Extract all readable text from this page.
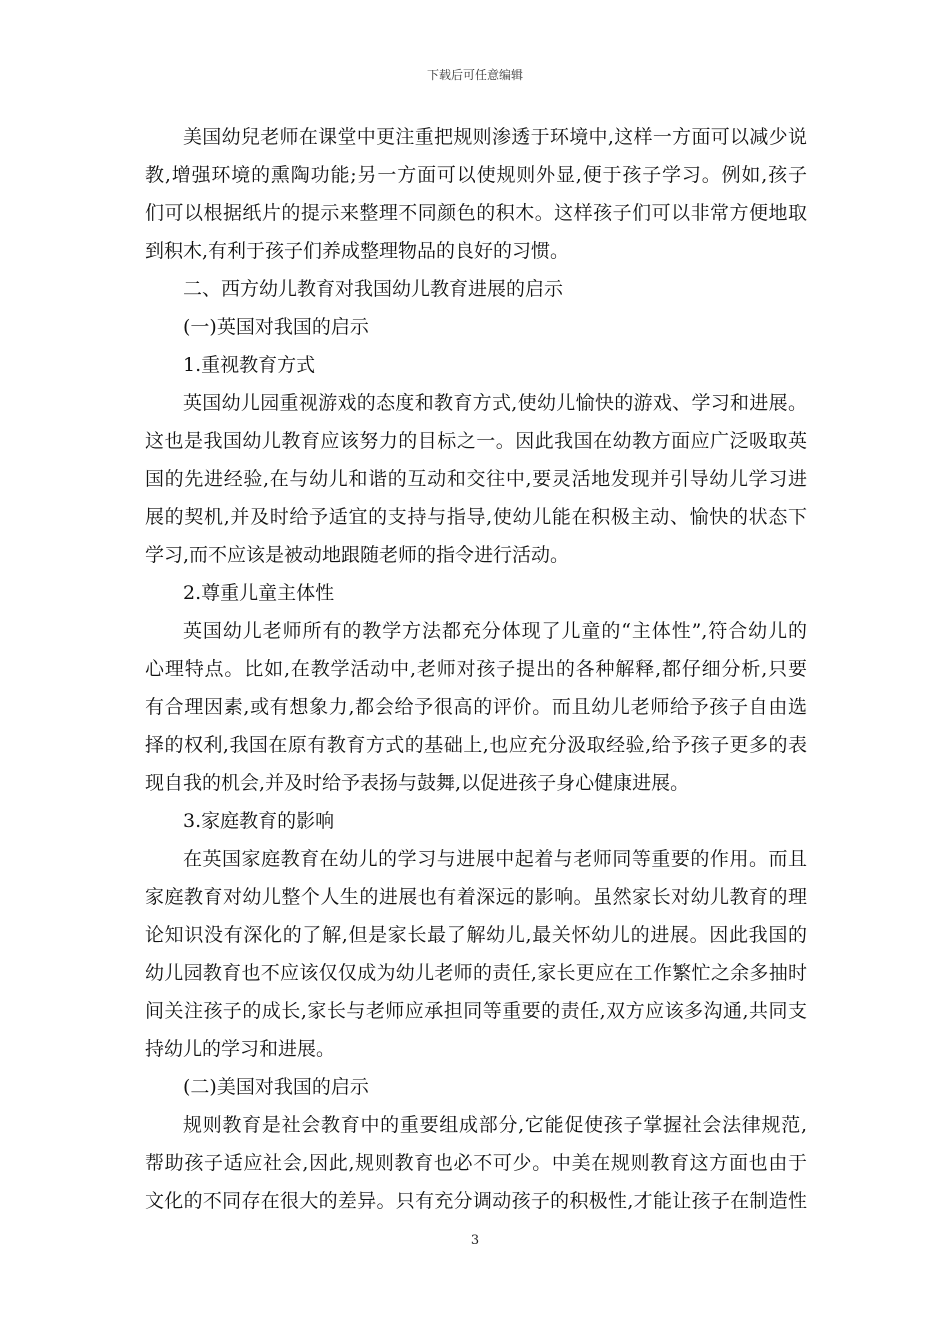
下载后可任意编辑
美国幼兒老师在课堂中更注重把规则渗透于环境中,这样一方面可以减少说
教,增强环境的熏陶功能;另一方面可以使规则外显,便于孩子学习。例如,孩子
们可以根据纸片的提示来整理不同颜色的积木。这样孩子们可以非常方便地取
到积木,有利于孩子们养成整理物品的良好的习惯。
二、西方幼儿教育对我国幼儿教育进展的启示
(一)英国对我国的启示
1.重视教育方式
英国幼儿园重视游戏的态度和教育方式,使幼儿愉快的游戏、学习和进展。
这也是我国幼儿教育应该努力的目标之一。因此我国在幼教方面应广泛吸取英
国的先进经验,在与幼儿和谐的互动和交往中,要灵活地发现并引导幼儿学习进
展的契机,并及时给予适宜的支持与指导,使幼儿能在积极主动、愉快的状态下
学习,而不应该是被动地跟随老师的指令进行活动。
2.尊重儿童主体性
英国幼儿老师所有的教学方法都充分体现了儿童的“主体性”,符合幼儿的
心理特点。比如,在教学活动中,老师对孩子提出的各种解释,都仔细分析,只要
有合理因素,或有想象力,都会给予很高的评价。而且幼儿老师给予孩子自由选
择的权利,我国在原有教育方式的基础上,也应充分汲取经验,给予孩子更多的表
现自我的机会,并及时给予表扬与鼓舞,以促进孩子身心健康进展。
3.家庭教育的影响
在英国家庭教育在幼儿的学习与进展中起着与老师同等重要的作用。而且
家庭教育对幼儿整个人生的进展也有着深远的影响。虽然家长对幼儿教育的理
论知识没有深化的了解,但是家长最了解幼儿,最关怀幼儿的进展。因此我国的
幼儿园教育也不应该仅仅成为幼儿老师的责任,家长更应在工作繁忙之余多抽时
间关注孩子的成长,家长与老师应承担同等重要的责任,双方应该多沟通,共同支
持幼儿的学习和进展。
(二)美国对我国的启示
规则教育是社会教育中的重要组成部分,它能促使孩子掌握社会法律规范,
帮助孩子适应社会,因此,规则教育也必不可少。中美在规则教育这方面也由于
文化的不同存在很大的差异。只有充分调动孩子的积极性,才能让孩子在制造性
3
